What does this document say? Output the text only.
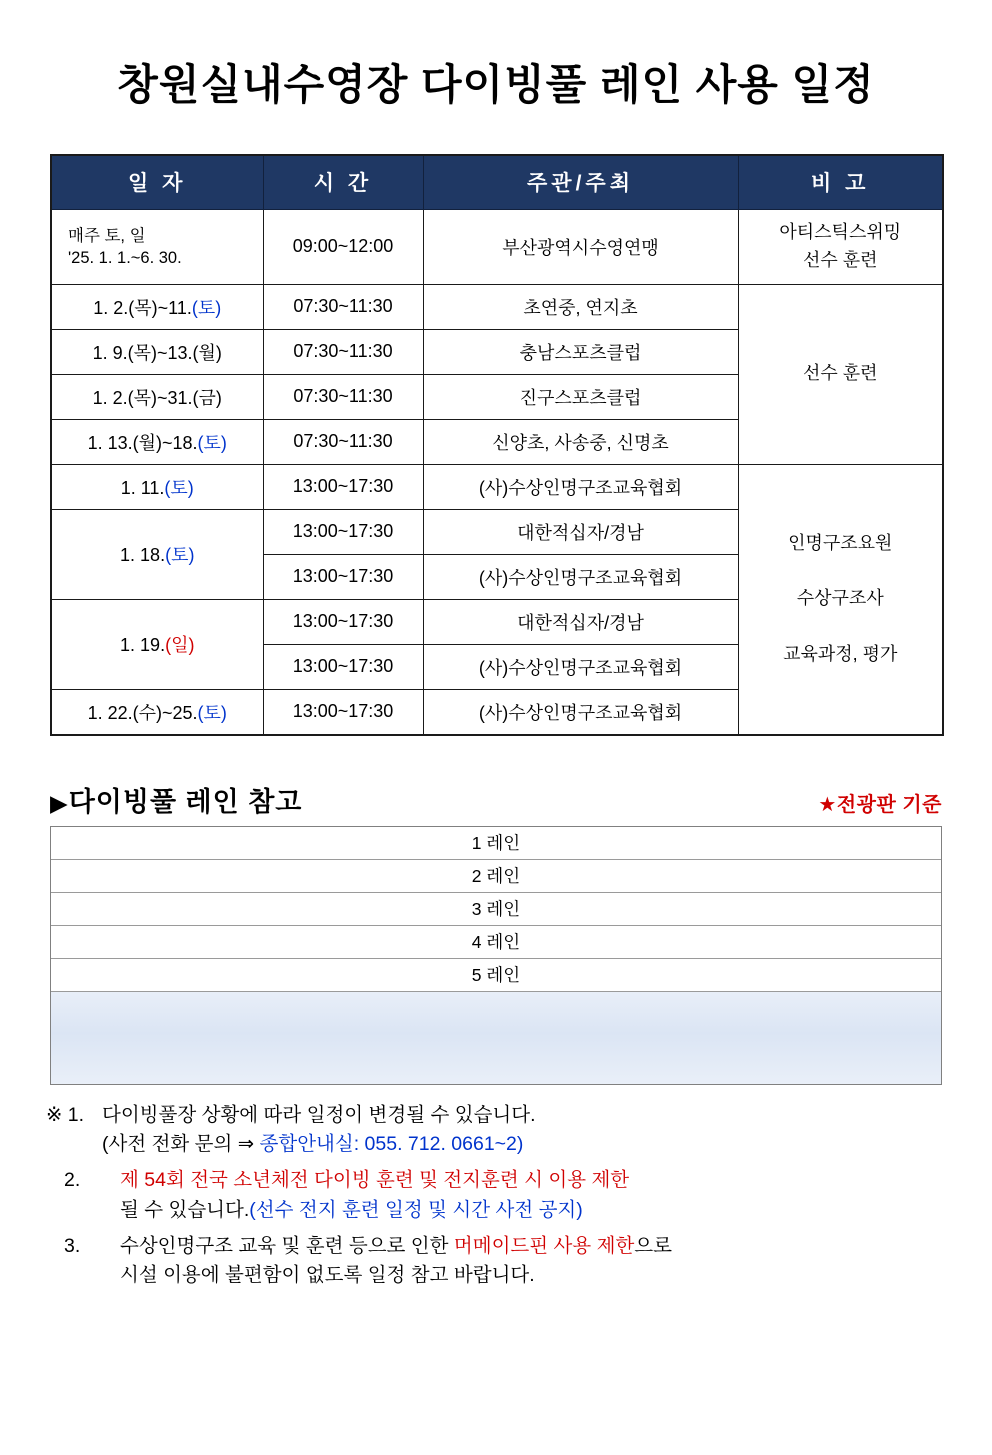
창원실내수영장 다이빙풀 레인 사용 일정
일 자	시 간	주관/주최	비 고

매주 토, 일
'25. 1. 1.~6. 30.	09:00~12:00	부산광역시수영연맹	아티스틱스위밍
선수 훈련
1. 2.(목)~11.(토)	07:30~11:30	초연중, 연지초	선수 훈련
1. 9.(목)~13.(월)	07:30~11:30	충남스포츠클럽	
1. 2.(목)~31.(금)	07:30~11:30	진구스포츠클럽	
1. 13.(월)~18.(토)	07:30~11:30	신양초, 사송중, 신명초	
1. 11.(토)	13:00~17:30	(사)수상인명구조교육협회	인명구조요원

수상구조사

교육과정, 평가
1. 18.(토)	13:00~17:30	대한적십자/경남	
	13:00~17:30	(사)수상인명구조교육협회	
1. 19.(일)	13:00~17:30	대한적십자/경남	
	13:00~17:30	(사)수상인명구조교육협회	
1. 22.(수)~25.(토)	13:00~17:30	(사)수상인명구조교육협회	
▶다이빙풀 레인 참고	★전광판 기준
1 레인
2 레인
3 레인
4 레인
5 레인
※ 1. 다이빙풀장 상황에 따라 일정이 변경될 수 있습니다.
(사전 전화 문의 ⇒ 종합안내실: 055. 712. 0661~2)
2.	제 54회 전국 소년체전 다이빙 훈련 및 전지훈련 시 이용 제한
될 수 있습니다.(선수 전지 훈련 일정 및 시간 사전 공지)
3.	수상인명구조 교육 및 훈련 등으로 인한 머메이드핀 사용 제한으로
시설 이용에 불편함이 없도록 일정 참고 바랍니다.
